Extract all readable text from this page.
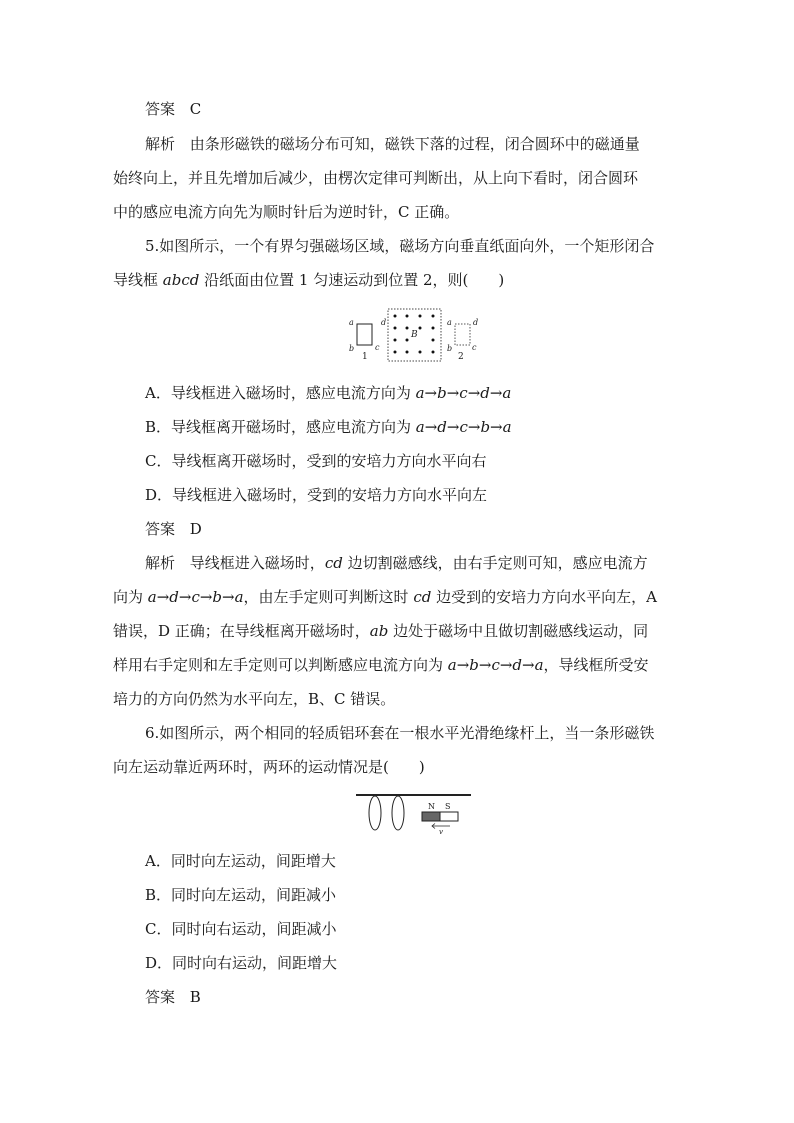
答案 C
解析 由条形磁铁的磁场分布可知，磁铁下落的过程，闭合圆环中的磁通量
始终向上，并且先增加后减少，由楞次定律可判断出，从上向下看时，闭合圆环
中的感应电流方向先为顺时针后为逆时针，C 正确。
5.如图所示，一个有界匀强磁场区域，磁场方向垂直纸面向外，一个矩形闭合
导线框 abcd 沿纸面由位置 1 匀速运动到位置 2，则(　　)
a
b	c
1
B
d	a	d
b c
2
A．导线框进入磁场时，感应电流方向为 a→b→c→d→a
B．导线框离开磁场时，感应电流方向为 a→d→c→b→a
C．导线框离开磁场时，受到的安培力方向水平向右
D．导线框进入磁场时，受到的安培力方向水平向左
答案 D
解析 导线框进入磁场时，cd 边切割磁感线，由右手定则可知，感应电流方
向为 a→d→c→b→a，由左手定则可判断这时 cd 边受到的安培力方向水平向左，A
错误，D 正确；在导线框离开磁场时，ab 边处于磁场中且做切割磁感线运动，同
样用右手定则和左手定则可以判断感应电流方向为 a→b→c→d→a，导线框所受安
培力的方向仍然为水平向左，B、C 错误。
6.如图所示，两个相同的轻质铝环套在一根水平光滑绝缘杆上，当一条形磁铁
向左运动靠近两环时，两环的运动情况是(　　)
N S
v
A．同时向左运动，间距增大
B．同时向左运动，间距减小
C．同时向右运动，间距减小
D．同时向右运动，间距增大
答案 B
